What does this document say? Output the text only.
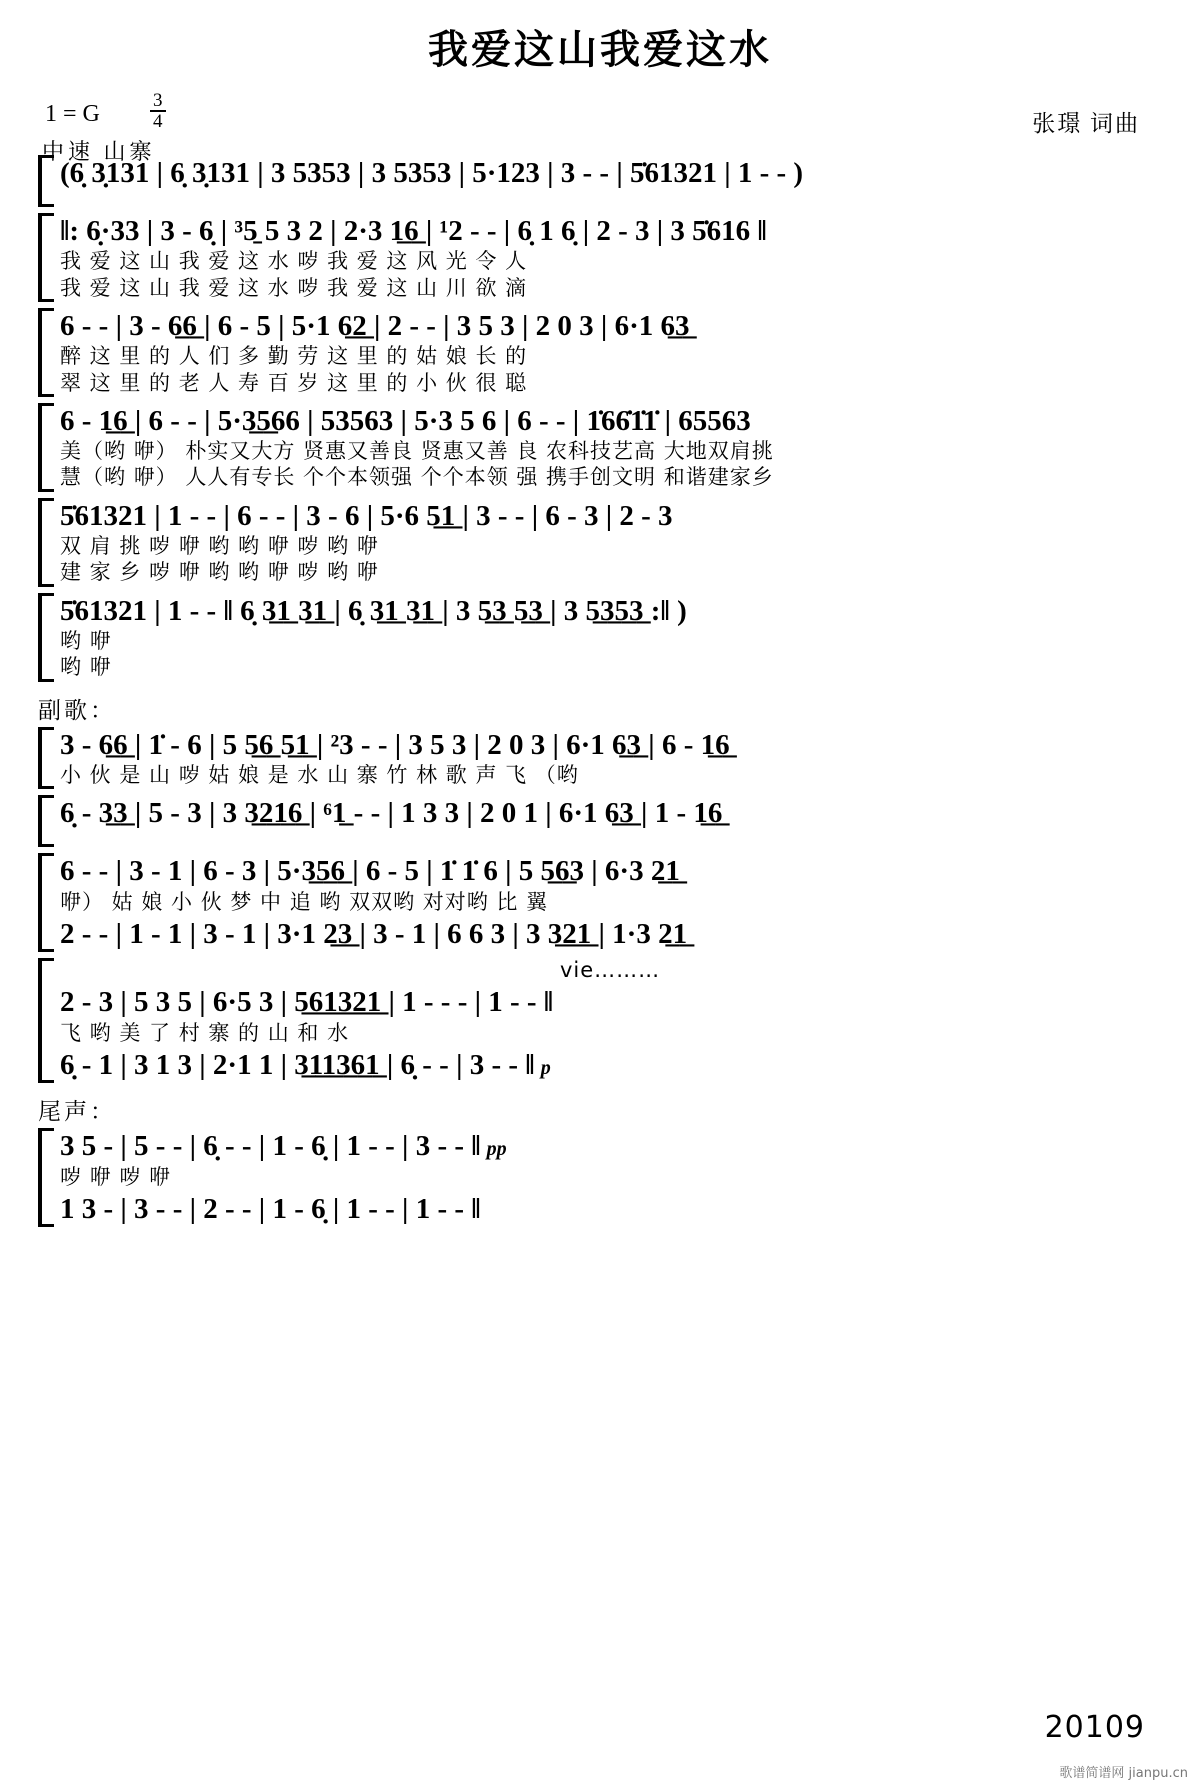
我爱这山我爱这水
1 = G	$\frac{3}{4}$	张璟 词曲
中速 山寨
(6̣ 3̣131 | 6̣ 3̣131 | 3 5353 | 3 5353 | 5·123 | 3 - - | 5̇61321 | 1 - - )
‖: 6̣·33 | 3 - 6̣ | ³5̱ 5 3 2 | 2·3 1̲6̲ | ¹2 - - | 6̣ 1 6̣ | 2 - 3 | 3 5̇616 ‖
我 爱 这 山 我 爱 这 水 哕 我 爱 这 风 光 令 人
我 爱 这 山 我 爱 这 水 哕 我 爱 这 山 川 欲 滴
6 - - | 3 - 6̲6̲ | 6 - 5 | 5·1 6̲2̲ | 2 - - | 3 5 3 | 2 0 3 | 6·1 6̲3̲
醉 这 里 的 人 们 多 勤 劳 这 里 的 姑 娘 长 的
翠 这 里 的 老 人 寿 百 岁 这 里 的 小 伙 很 聪
6 - 1̲6̲ | 6 - - | 5·3̲5̲66 | 53563 | 5·3 5 6 | 6 - - | 1̇66̇1̇1̇ | 65563
美（哟 咿） 朴实又大方 贤惠又善良 贤惠又善 良 农科技艺高 大地双肩挑
慧（哟 咿） 人人有专长 个个本领强 个个本领 强 携手创文明 和谐建家乡
5̇61321 | 1 - - | 6 - - | 3 - 6 | 5·6 5̲1̲ | 3 - - | 6 - 3 | 2 - 3
双 肩 挑 哕 咿 哟 哟 咿 哕 哟 咿
建 家 乡 哕 咿 哟 哟 咿 哕 哟 咿
5̇61321 | 1 - - ‖ 6̣ 3̲1̲ 3̲1̲ | 6̣ 3̲1̲ 3̲1̲ | 3 5̲3̲ 5̲3̲ | 3 5̲3̲5̲3̲ :‖ )
哟 咿
哟 咿
副歌：
3 - 6̲6̲ | 1̇ - 6 | 5 5̲6̲ 5̲1̲ | ²3 - - | 3 5 3 | 2 0 3 | 6·1 6̲3̲ | 6 - 1̲6̲
小 伙 是 山 哕 姑 娘 是 水 山 寨 竹 林 歌 声 飞 （哟
6̣ - 3̲3̲ | 5 - 3 | 3 3̲2̲1̲6̲ | ⁶1̲ - - | 1 3 3 | 2 0 1 | 6·1 6̲3̲ | 1 - 1̲6̲
6 - - | 3 - 1 | 6 - 3 | 5·3̲5̲6̲ | 6 - 5 | 1̇ 1̇ 6 | 5 5̲6̲3 | 6·3 2̲1̲
咿） 姑 娘 小 伙 梦 中 追 哟 双双哟 对对哟 比 翼
2 - - | 1 - 1 | 3 - 1 | 3·1 2̲3̲ | 3 - 1 | 6 6 3 | 3 3̲2̲1̲ | 1·3 2̲1̲
vie………
2 - 3 | 5 3 5 | 6·5 3 | 5̲6̲1̲3̲2̲1̲ | 1 - - - | 1 - - ‖
飞 哟 美 了 村 寨 的 山 和 水
6̣ - 1 | 3 1 3 | 2·1 1 | 3̲1̲1̲3̲6̲1̲ | 6̣ - - | 3 - - ‖ p
尾声：
3 5 - | 5 - - | 6̣ - - | 1 - 6̣ | 1 - - | 3 - - ‖ pp
哕 咿 哕 咿
1 3 - | 3 - - | 2 - - | 1 - 6̣ | 1 - - | 1 - - ‖
20109
歌谱简谱网 jianpu.cn
